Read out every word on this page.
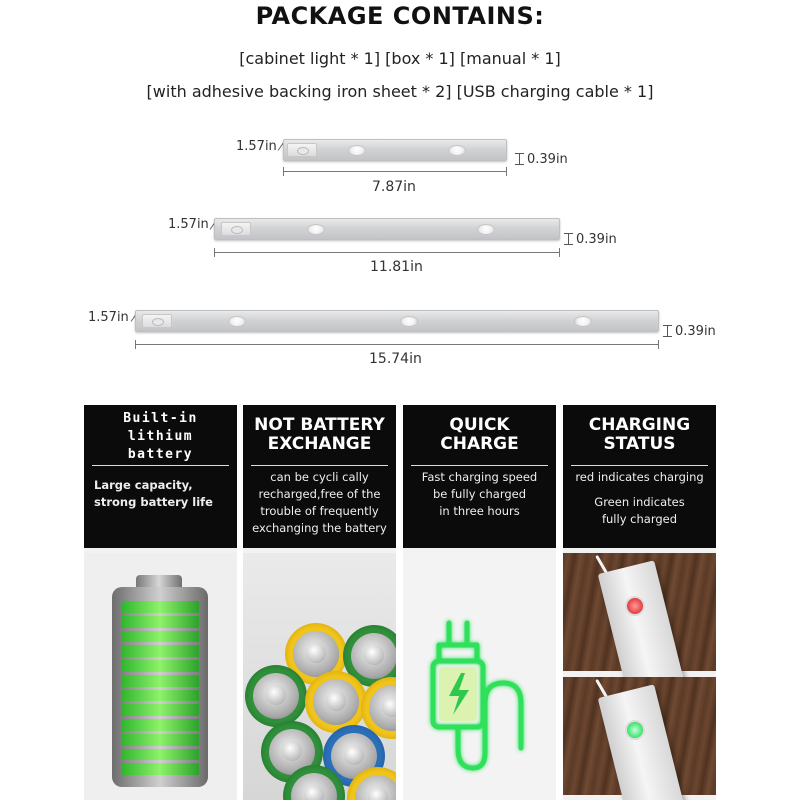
PACKAGE CONTAINS:
[cabinet light * 1] [box * 1] [manual * 1]
[with adhesive backing iron sheet * 2] [USB charging cable * 1]
1.57in
0.39in
7.87in
1.57in
0.39in
11.81in
1.57in
0.39in
15.74in
Built-in
lithium
battery
Large capacity,
strong battery life
NOT BATTERY
EXCHANGE
can be cycli cally
recharged,free of the
trouble of frequently
exchanging the battery
QUICK
CHARGE
Fast charging speed
be fully charged
in three hours
CHARGING
STATUS
red indicates charging
Green indicates
fully charged
